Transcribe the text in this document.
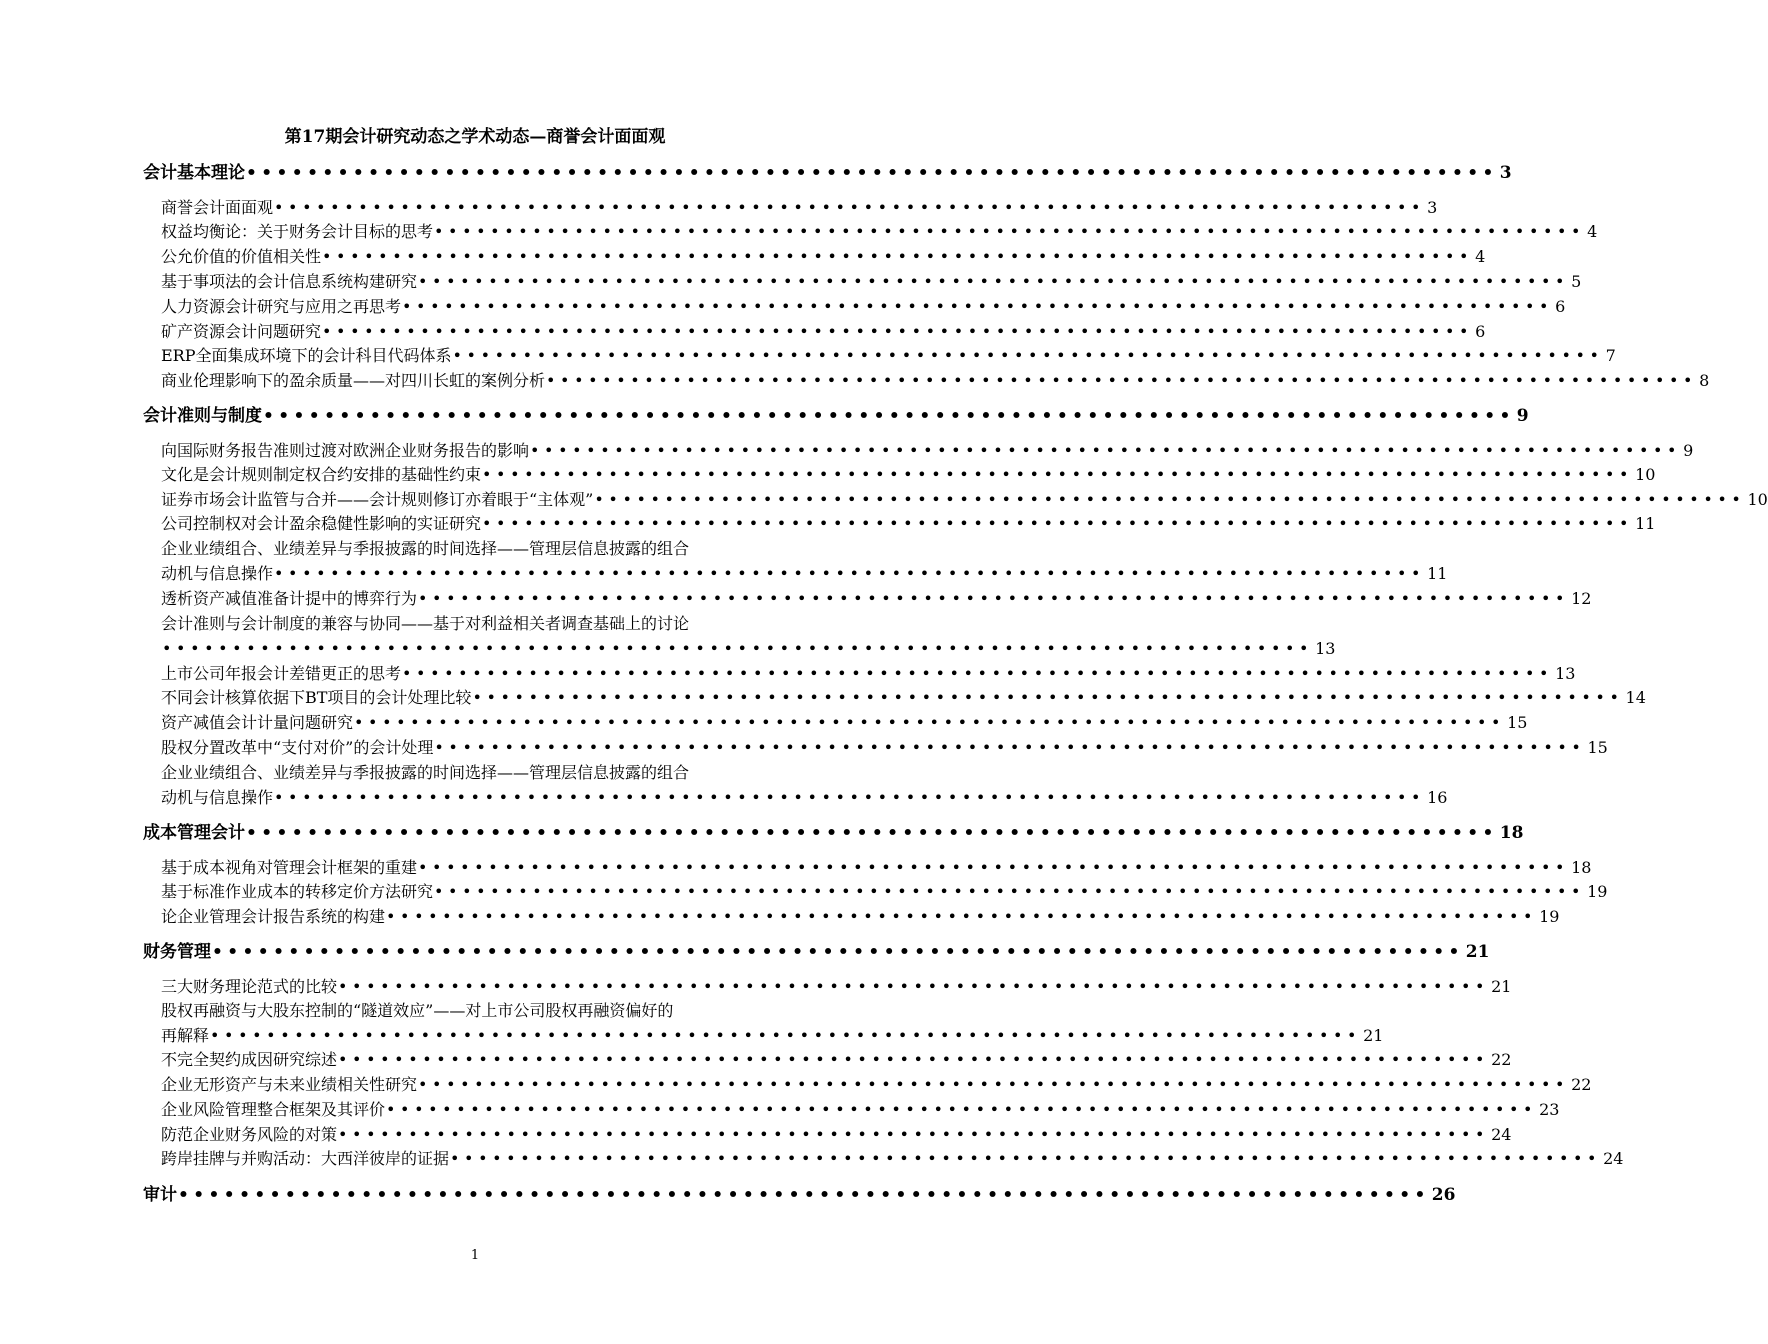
第17期会计研究动态之学术动态—商誉会计面面观
会计基本理论 •••••••••••••••••••••••••••••••••••••••••••••••••••••••••••••••••••••••••••••••••• 3
商誉会计面面观 •••••••••••••••••••••••••••••••••••••••••••••••••••••••••••••••••••••••••••••••••• 3
权益均衡论：关于财务会计目标的思考 •••••••••••••••••••••••••••••••••••••••••••••••••••••••••••••••••••••••••••••••••• 4
公允价值的价值相关性 •••••••••••••••••••••••••••••••••••••••••••••••••••••••••••••••••••••••••••••••••• 4
基于事项法的会计信息系统构建研究 •••••••••••••••••••••••••••••••••••••••••••••••••••••••••••••••••••••••••••••••••• 5
人力资源会计研究与应用之再思考 •••••••••••••••••••••••••••••••••••••••••••••••••••••••••••••••••••••••••••••••••• 6
矿产资源会计问题研究 •••••••••••••••••••••••••••••••••••••••••••••••••••••••••••••••••••••••••••••••••• 6
ERP全面集成环境下的会计科目代码体系 •••••••••••••••••••••••••••••••••••••••••••••••••••••••••••••••••••••••••••••••••• 7
商业伦理影响下的盈余质量——对四川长虹的案例分析 •••••••••••••••••••••••••••••••••••••••••••••••••••••••••••••••••••••••••••••••••• 8
会计准则与制度 •••••••••••••••••••••••••••••••••••••••••••••••••••••••••••••••••••••••••••••••••• 9
向国际财务报告准则过渡对欧洲企业财务报告的影响 •••••••••••••••••••••••••••••••••••••••••••••••••••••••••••••••••••••••••••••••••• 9
文化是会计规则制定权合约安排的基础性约束 •••••••••••••••••••••••••••••••••••••••••••••••••••••••••••••••••••••••••••••••••• 10
证券市场会计监管与合并——会计规则修订亦着眼于“主体观” •••••••••••••••••••••••••••••••••••••••••••••••••••••••••••••••••••••••••••••••••• 10
公司控制权对会计盈余稳健性影响的实证研究 •••••••••••••••••••••••••••••••••••••••••••••••••••••••••••••••••••••••••••••••••• 11
企业业绩组合、业绩差异与季报披露的时间选择——管理层信息披露的组合
动机与信息操作 •••••••••••••••••••••••••••••••••••••••••••••••••••••••••••••••••••••••••••••••••• 11
透析资产减值准备计提中的博弈行为 •••••••••••••••••••••••••••••••••••••••••••••••••••••••••••••••••••••••••••••••••• 12
会计准则与会计制度的兼容与协同——基于对利益相关者调查基础上的讨论
•••••••••••••••••••••••••••••••••••••••••••••••••••••••••••••••••••••••••••••••••• 13
上市公司年报会计差错更正的思考 •••••••••••••••••••••••••••••••••••••••••••••••••••••••••••••••••••••••••••••••••• 13
不同会计核算依据下BT项目的会计处理比较 •••••••••••••••••••••••••••••••••••••••••••••••••••••••••••••••••••••••••••••••••• 14
资产减值会计计量问题研究 •••••••••••••••••••••••••••••••••••••••••••••••••••••••••••••••••••••••••••••••••• 15
股权分置改革中“支付对价”的会计处理 •••••••••••••••••••••••••••••••••••••••••••••••••••••••••••••••••••••••••••••••••• 15
企业业绩组合、业绩差异与季报披露的时间选择——管理层信息披露的组合
动机与信息操作 •••••••••••••••••••••••••••••••••••••••••••••••••••••••••••••••••••••••••••••••••• 16
成本管理会计 •••••••••••••••••••••••••••••••••••••••••••••••••••••••••••••••••••••••••••••••••• 18
基于成本视角对管理会计框架的重建 •••••••••••••••••••••••••••••••••••••••••••••••••••••••••••••••••••••••••••••••••• 18
基于标准作业成本的转移定价方法研究 •••••••••••••••••••••••••••••••••••••••••••••••••••••••••••••••••••••••••••••••••• 19
论企业管理会计报告系统的构建 •••••••••••••••••••••••••••••••••••••••••••••••••••••••••••••••••••••••••••••••••• 19
财务管理 •••••••••••••••••••••••••••••••••••••••••••••••••••••••••••••••••••••••••••••••••• 21
三大财务理论范式的比较 •••••••••••••••••••••••••••••••••••••••••••••••••••••••••••••••••••••••••••••••••• 21
股权再融资与大股东控制的“隧道效应”——对上市公司股权再融资偏好的
再解释 •••••••••••••••••••••••••••••••••••••••••••••••••••••••••••••••••••••••••••••••••• 21
不完全契约成因研究综述 •••••••••••••••••••••••••••••••••••••••••••••••••••••••••••••••••••••••••••••••••• 22
企业无形资产与未来业绩相关性研究 •••••••••••••••••••••••••••••••••••••••••••••••••••••••••••••••••••••••••••••••••• 22
企业风险管理整合框架及其评价 •••••••••••••••••••••••••••••••••••••••••••••••••••••••••••••••••••••••••••••••••• 23
防范企业财务风险的对策 •••••••••••••••••••••••••••••••••••••••••••••••••••••••••••••••••••••••••••••••••• 24
跨岸挂牌与并购活动：大西洋彼岸的证据 •••••••••••••••••••••••••••••••••••••••••••••••••••••••••••••••••••••••••••••••••• 24
审计 •••••••••••••••••••••••••••••••••••••••••••••••••••••••••••••••••••••••••••••••••• 26
1
